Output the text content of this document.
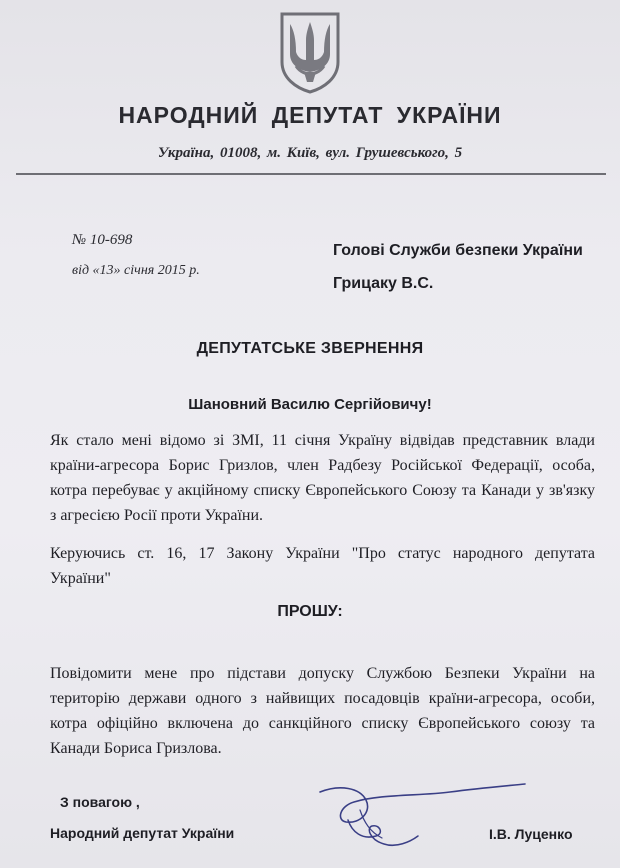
НАРОДНИЙ ДЕПУТАТ УКРАЇНИ
Україна, 01008, м. Київ, вул. Грушевського, 5
№ 10-698
від «13» січня 2015 р.
Голові Служби безпеки України
Грицаку В.С.
ДЕПУТАТСЬКЕ ЗВЕРНЕННЯ
Шановний Василю Сергійовичу!
Як стало мені відомо зі ЗМІ, 11 січня Україну відвідав представник влади
країни-агресора Борис Гризлов, член Радбезу Російської Федерації, особа,
котра перебуває у акційному списку Європейського Союзу та Канади у зв'язку
з агресією Росії проти України.
Керуючись ст. 16, 17 Закону України "Про статус народного депутата
України"
ПРОШУ:
Повідомити мене про підстави допуску Службою Безпеки України на
територію держави одного з найвищих посадовців країни-агресора, особи,
котра офіційно включена до санкційного списку Європейського союзу та
Канади Бориса Гризлова.
З повагою ,
Народний депутат України	І.В. Луценко
